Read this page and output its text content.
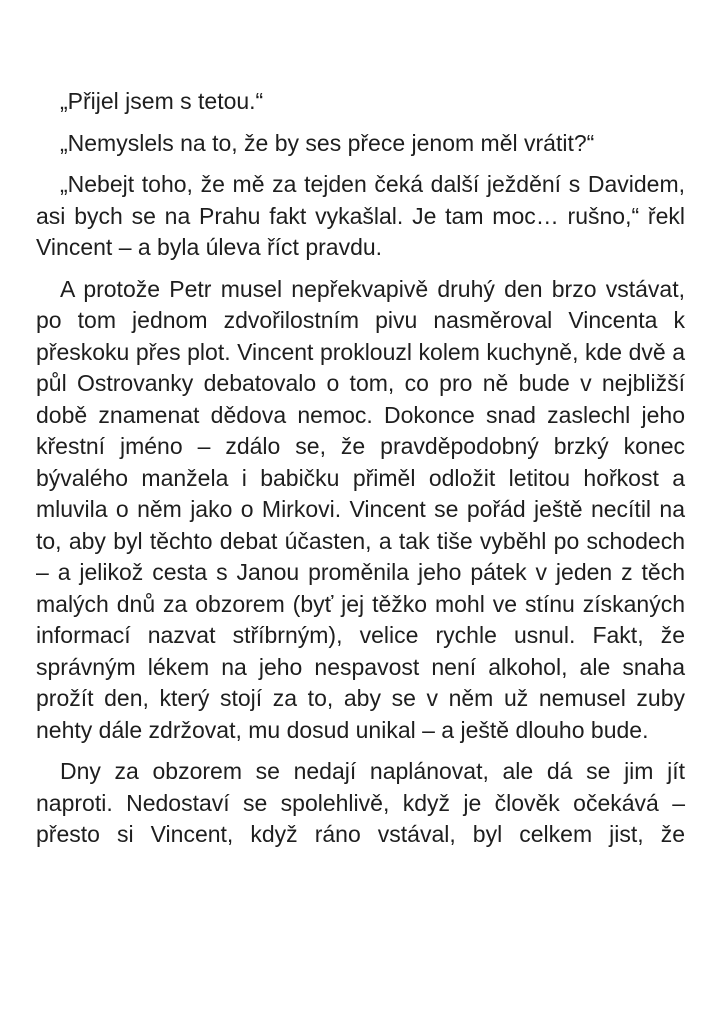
„Přijel jsem s tetou.“

„Nemyslels na to, že by ses přece jenom měl vrátit?“

„Nebejt toho, že mě za tejden čeká další ježdění s Davidem, asi bych se na Prahu fakt vykašlal. Je tam moc… rušno,“ řekl Vincent – a byla úleva říct pravdu.

A protože Petr musel nepřekvapivě druhý den brzo vstávat, po tom jednom zdvořilostním pivu nasměroval Vincenta k přeskoku přes plot. Vincent proklouzl kolem kuchyně, kde dvě a půl Ostrovanky debatovalo o tom, co pro ně bude v nejbližší době znamenat dědova nemoc. Dokonce snad zaslechl jeho křestní jméno – zdálo se, že pravděpodobný brzký konec bývalého manžela i babičku přiměl odložit letitou hořkost a mluvila o něm jako o Mirkovi. Vincent se pořád ještě necítil na to, aby byl těchto debat účasten, a tak tiše vyběhl po schodech – a jelikož cesta s Janou proměnila jeho pátek v jeden z těch malých dnů za obzorem (byť jej těžko mohl ve stínu získaných informací nazvat stříbrným), velice rychle usnul. Fakt, že správným lékem na jeho nespavost není alkohol, ale snaha prožít den, který stojí za to, aby se v něm už nemusel zuby nehty dále zdržovat, mu dosud unikal – a ještě dlouho bude.

Dny za obzorem se nedají naplánovat, ale dá se jim jít naproti. Nedostaví se spolehlivě, když je člověk očekává – přesto si Vincent, když ráno vstával, byl celkem jist, že
